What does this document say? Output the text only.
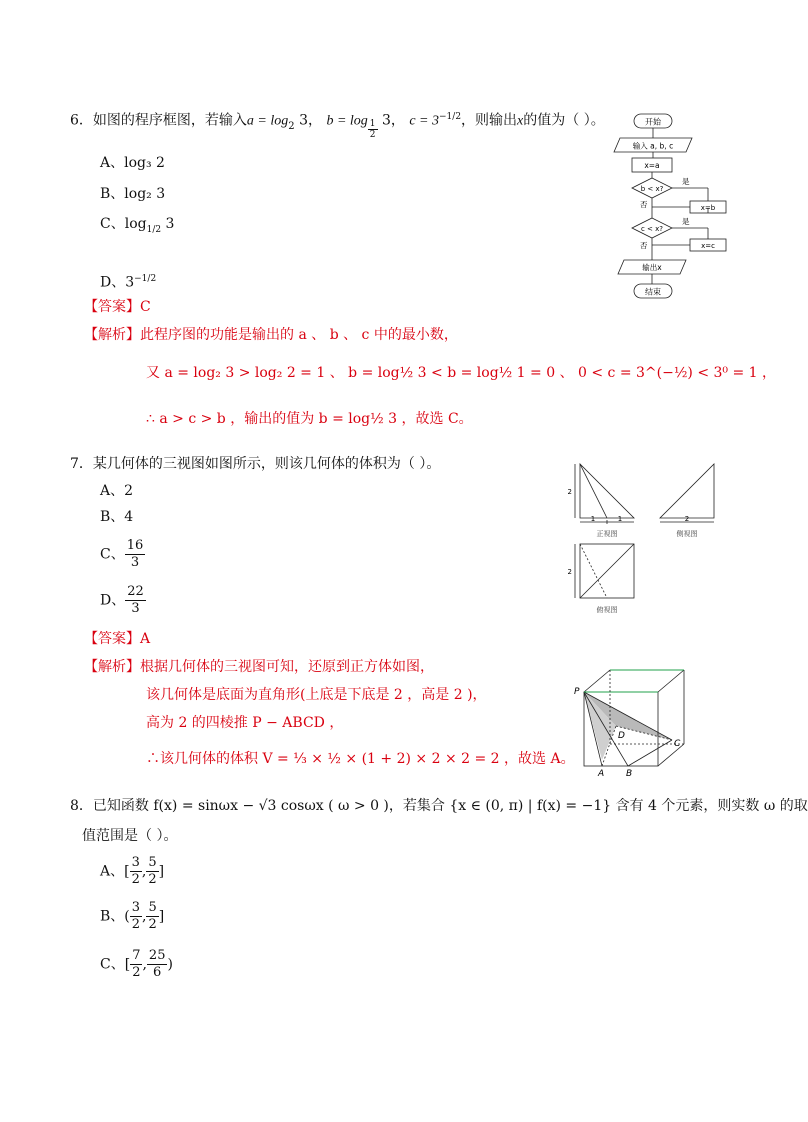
6．如图的程序框图，若输入$a = \log_2 3$， $b = \log \frac{1}{2} 3$， $c = 3^{-1/2}$，则输出x的值为（ ）。
A、log₃ 2
B、log₂ 3
C、$\log_{1/2} 3$
D、$3^{-1/2}$
【答案】C
【解析】此程序图的功能是输出的 a 、 b 、 c 中的最小数，
又 a = log₂ 3 > log₂ 2 = 1 、 b = log½ 3 < b = log½ 1 = 0 、 0 < c = 3^(−½) < 3⁰ = 1 ，
∴ a > c > b ，输出的值为 b = log½ 3 ，故选 C。
开始
输入 a, b, c
x=a
b < x?
是
否	x=b
c < x?
是
否	x=c
输出x
结束
7．某几何体的三视图如图所示，则该几何体的体积为（ ）。
A、2
B、4
C、 $\frac{16}{3}$
D、 $\frac{22}{3}$
【答案】A
【解析】根据几何体的三视图可知，还原到正方体如图，
该几何体是底面为直角形(上底是下底是 2 ，高是 2 )，
高为 2 的四棱推 P − ABCD ，
∴该几何体的体积 V = ⅓ × ½ × (1 + 2) × 2 × 2 = 2 ，故选 A。
2
1	1	2
2
正视图	侧视图
俯视图
P
D
C
A B
8．已知函数 f(x) = sinωx − √3 cosωx ( ω > 0 )，若集合 {x ∈ (0, π) | f(x) = −1} 含有 4 个元素，则实数 ω 的取
值范围是（ ）。
A、[ $\frac{3}{2}$ , $\frac{5}{2}$ ]
B、( $\frac{3}{2}$ , $\frac{5}{2}$ ]
C、[ $\frac{7}{2}$ , $\frac{25}{6}$ )
